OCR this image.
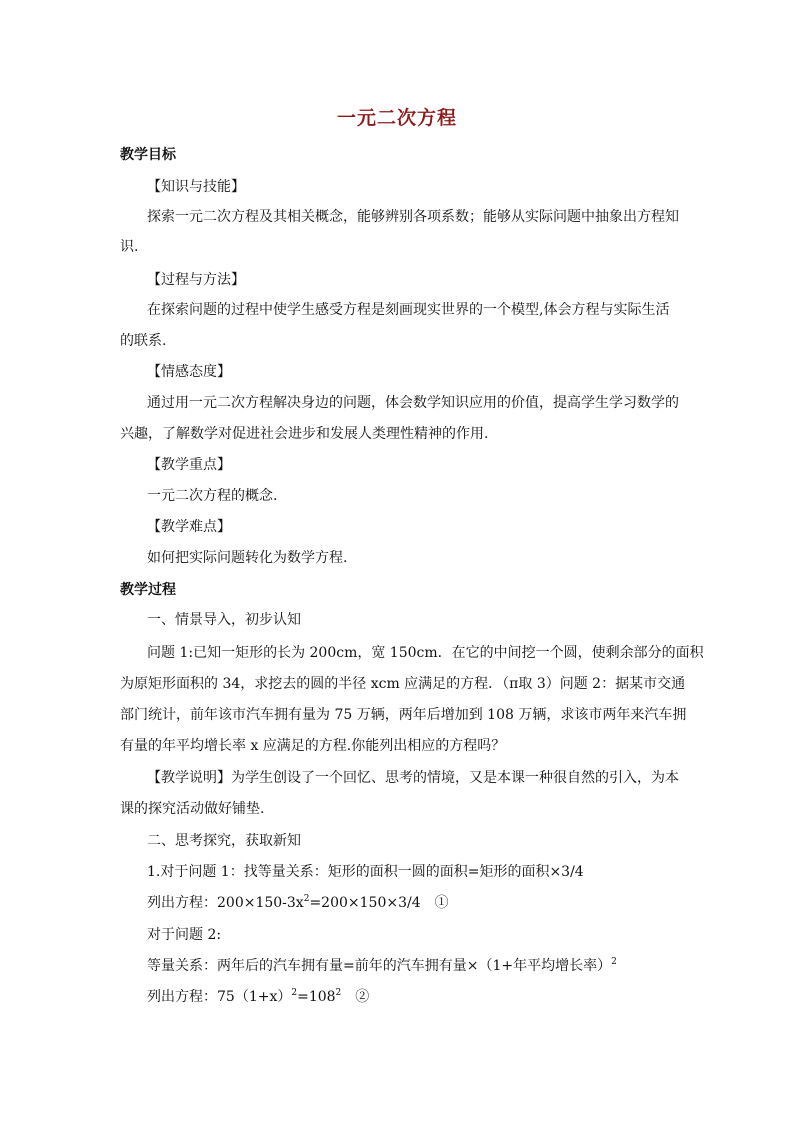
一元二次方程
教学目标
【知识与技能】
探索一元二次方程及其相关概念，能够辨别各项系数；能够从实际问题中抽象出方程知
识.
【过程与方法】
在探索问题的过程中使学生感受方程是刻画现实世界的一个模型,体会方程与实际生活
的联系.
【情感态度】
通过用一元二次方程解决身边的问题，体会数学知识应用的价值，提高学生学习数学的
兴趣，了解数学对促进社会进步和发展人类理性精神的作用.
【教学重点】
一元二次方程的概念.
【教学难点】
如何把实际问题转化为数学方程.
教学过程
一、情景导入，初步认知
问题 1:已知一矩形的长为 200cm，宽 150cm．在它的中间挖一个圆，使剩余部分的面积
为原矩形面积的 34，求挖去的圆的半径 xcm 应满足的方程．（π取 3）问题 2：据某市交通
部门统计，前年该市汽车拥有量为 75 万辆，两年后增加到 108 万辆，求该市两年来汽车拥
有量的年平均增长率 x 应满足的方程.你能列出相应的方程吗？
【教学说明】为学生创设了一个回忆、思考的情境，又是本课一种很自然的引入，为本
课的探究活动做好铺垫.
二、思考探究，获取新知
1.对于问题 1：找等量关系：矩形的面积一圆的面积=矩形的面积×3/4
列出方程：$200\times 150-3x^2=200\times 150\times 3/4$　①
对于问题 2:
等量关系：两年后的汽车拥有量=前年的汽车拥有量×（1+年平均增长率）$^2$
列出方程：$75(1+x)^2=108^2$　②
